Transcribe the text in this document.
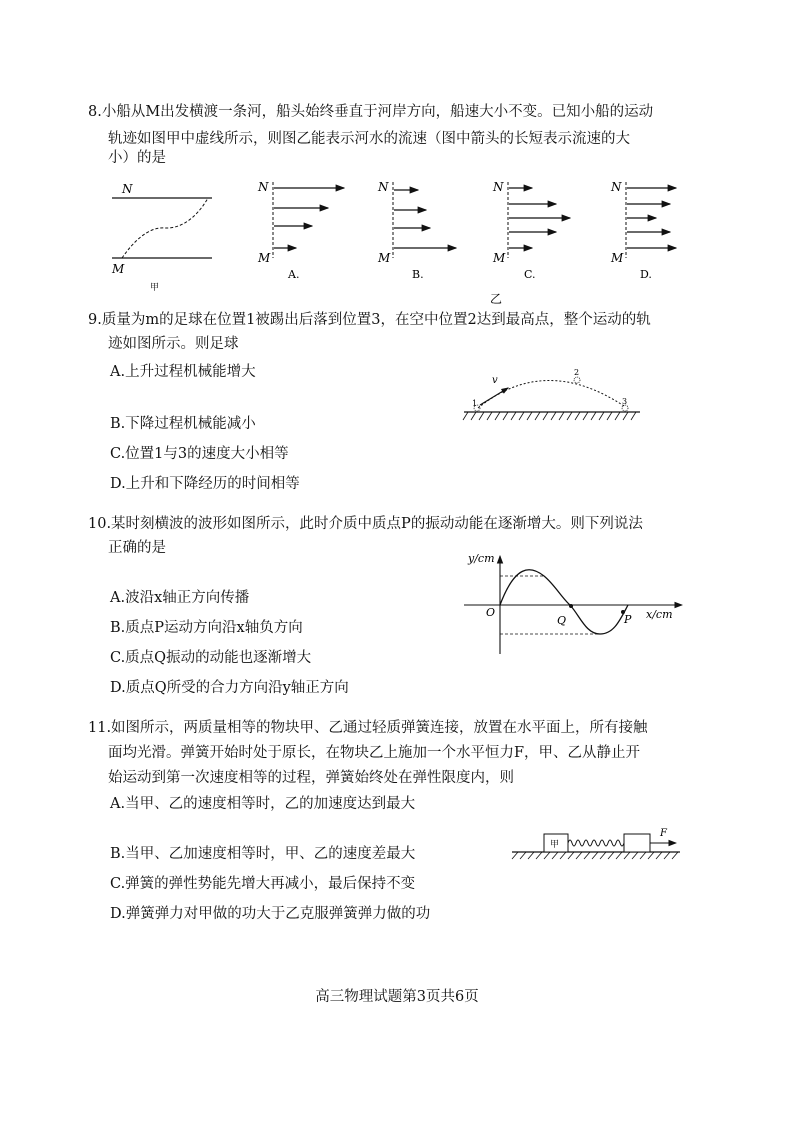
8.小船从M出发横渡一条河，船头始终垂直于河岸方向，船速大小不变。已知小船的运动
轨迹如图甲中虚线所示，则图乙能表示河水的流速（图中箭头的长短表示流速的大
小）的是
N
M
甲
N
M
A.
N
M
B.
N
M
C.
乙
N
M
D.
9.质量为m的足球在位置1被踢出后落到位置3，在空中位置2达到最高点，整个运动的轨
迹如图所示。则足球
A.上升过程机械能增大
B.下降过程机械能减小
C.位置1与3的速度大小相等
D.上升和下降经历的时间相等
v
1
2
3
10.某时刻横波的波形如图所示，此时介质中质点P的振动动能在逐渐增大。则下列说法
正确的是
A.波沿x轴正方向传播
B.质点P运动方向沿x轴负方向
C.质点Q振动的动能也逐渐增大
D.质点Q所受的合力方向沿y轴正方向
y/cm
x/cm
O
Q	P
11.如图所示，两质量相等的物块甲、乙通过轻质弹簧连接，放置在水平面上，所有接触
面均光滑。弹簧开始时处于原长，在物块乙上施加一个水平恒力F，甲、乙从静止开
始运动到第一次速度相等的过程，弹簧始终处在弹性限度内，则
A.当甲、乙的速度相等时，乙的加速度达到最大
B.当甲、乙加速度相等时，甲、乙的速度差最大
C.弹簧的弹性势能先增大再减小，最后保持不变
D.弹簧弹力对甲做的功大于乙克服弹簧弹力做的功
甲
F
高三物理试题第3页共6页
